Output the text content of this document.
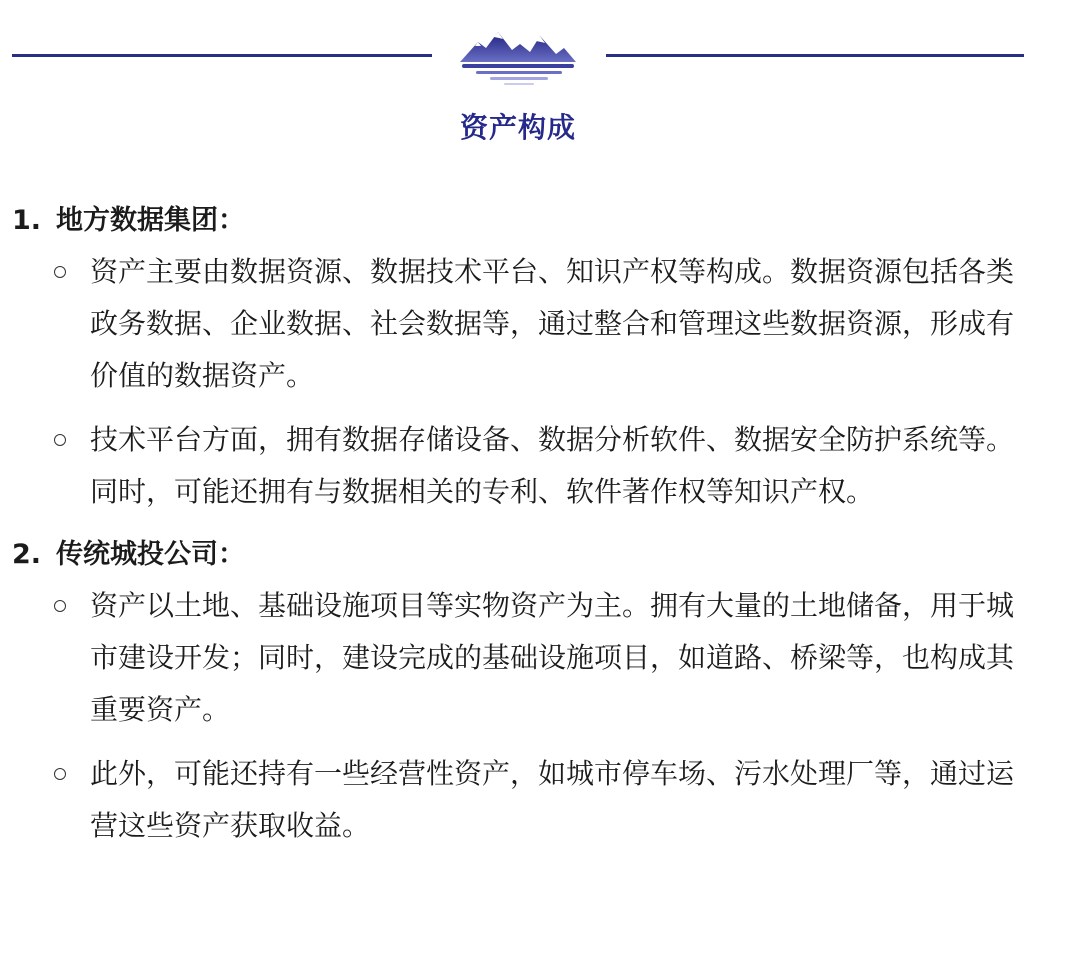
资产构成
1. 地方数据集团：
资产主要由数据资源、数据技术平台、知识产权等构成。数据资源包括各类政务数据、企业数据、社会数据等，通过整合和管理这些数据资源，形成有价值的数据资产。
技术平台方面，拥有数据存储设备、数据分析软件、数据安全防护系统等。同时，可能还拥有与数据相关的专利、软件著作权等知识产权。
2. 传统城投公司：
资产以土地、基础设施项目等实物资产为主。拥有大量的土地储备，用于城市建设开发；同时，建设完成的基础设施项目，如道路、桥梁等，也构成其重要资产。
此外，可能还持有一些经营性资产，如城市停车场、污水处理厂等，通过运营这些资产获取收益。
